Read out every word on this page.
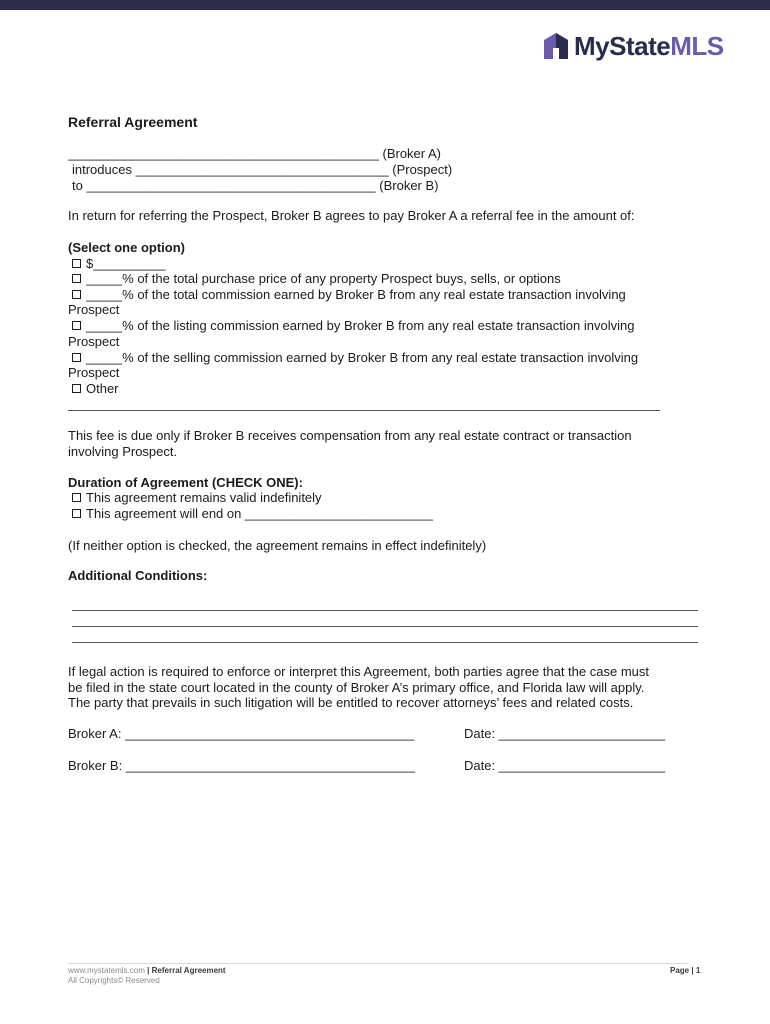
MyStateMLS
Referral Agreement
___________________________________________ (Broker A)
introduces ___________________________________ (Prospect)
to ________________________________________ (Broker B)
In return for referring the Prospect, Broker B agrees to pay Broker A a referral fee in the amount of:
(Select one option)
$__________
_____% of the total purchase price of any property Prospect buys, sells, or options
_____% of the total commission earned by Broker B from any real estate transaction involving
Prospect
_____% of the listing commission earned by Broker B from any real estate transaction involving
Prospect
_____% of the selling commission earned by Broker B from any real estate transaction involving
Prospect
Other
This fee is due only if Broker B receives compensation from any real estate contract or transaction
involving Prospect.
Duration of Agreement (CHECK ONE):
This agreement remains valid indefinitely
This agreement will end on __________________________
(If neither option is checked, the agreement remains in effect indefinitely)
Additional Conditions:
If legal action is required to enforce or interpret this Agreement, both parties agree that the case must
be filed in the state court located in the county of Broker A’s primary office, and Florida law will apply.
The party that prevails in such litigation will be entitled to recover attorneys’ fees and related costs.
Broker A: ________________________________________	Date: _______________________
Broker B: ________________________________________	Date: _______________________
www.mystatemls.com | Referral Agreement
All Copyrights© Reserved
Page | 1
